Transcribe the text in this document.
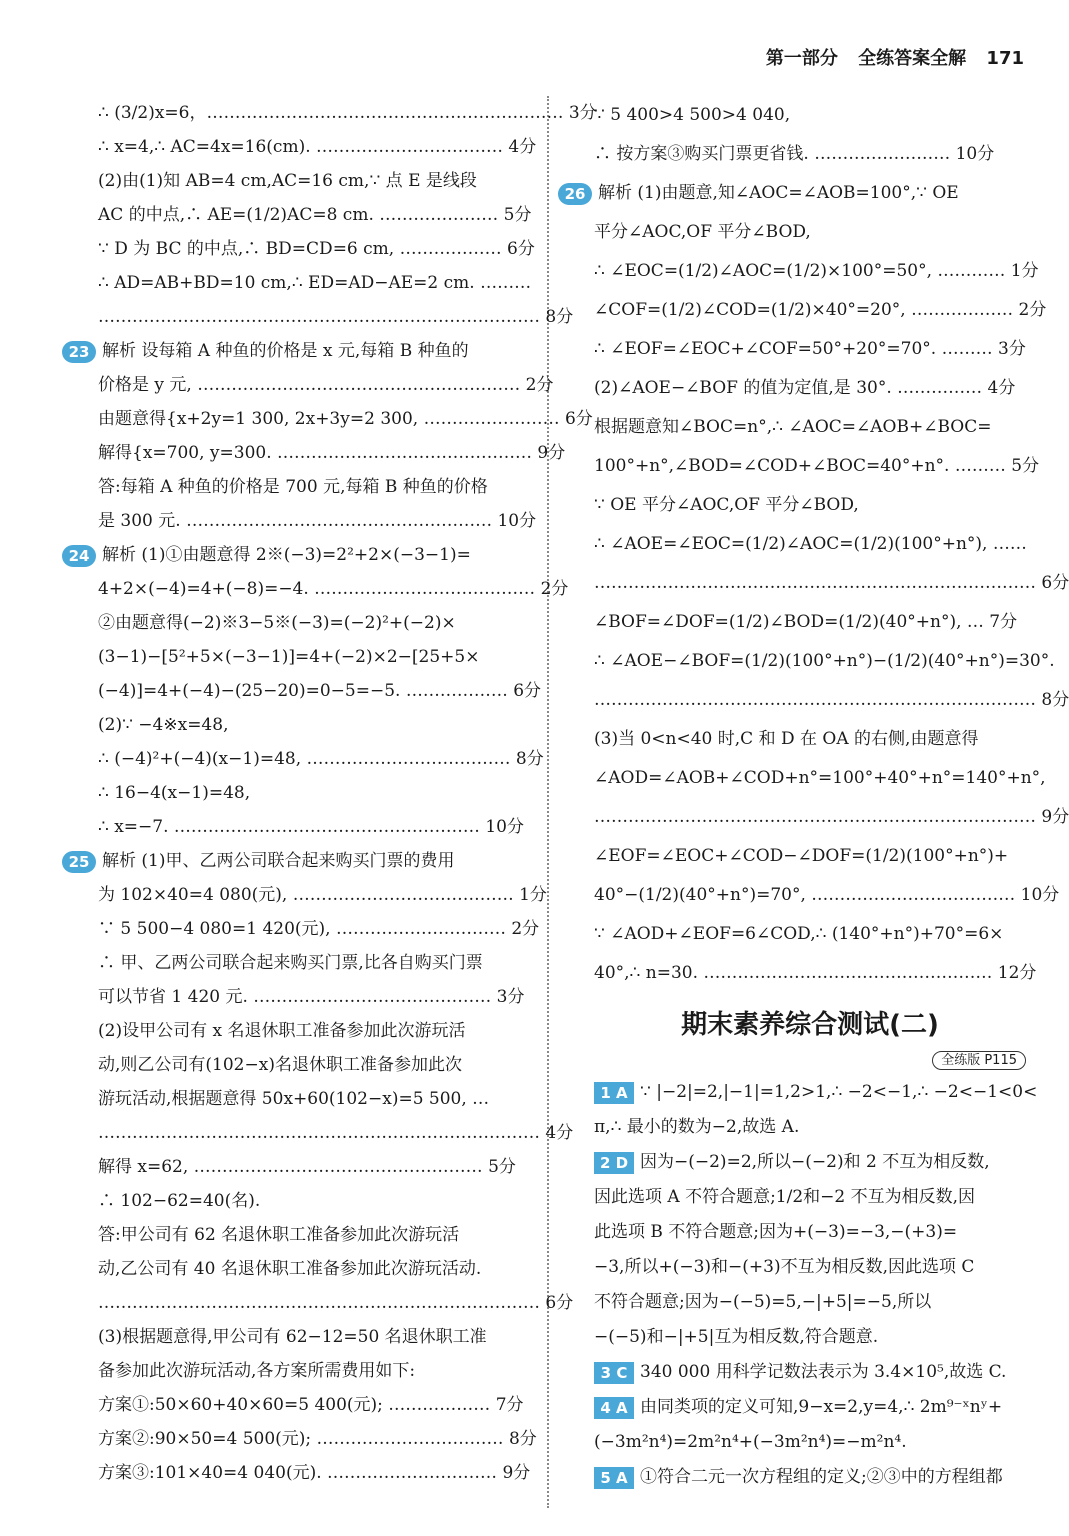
第一部分 全练答案全解 171
∴ (3/2)x=6，……………………………………………………… 3分
∴ x=4,∴ AC=4x=16(cm). …………………………… 4分
(2)由(1)知 AB=4 cm,AC=16 cm,∵ 点 E 是线段
AC 的中点,∴ AE=(1/2)AC=8 cm. ………………… 5分
∵ D 为 BC 的中点,∴ BD=CD=6 cm, ……………… 6分
∴ AD=AB+BD=10 cm,∴ ED=AD−AE=2 cm. ………
…………………………………………………………………… 8分
23 解析 设每箱 A 种鱼的价格是 x 元,每箱 B 种鱼的
价格是 y 元, ………………………………………………… 2分
由题意得{x+2y=1 300, 2x+3y=2 300, …………………… 6分
解得{x=700, y=300. ……………………………………… 9分
答:每箱 A 种鱼的价格是 700 元,每箱 B 种鱼的价格
是 300 元. ……………………………………………… 10分
24 解析 (1)①由题意得 2※(−3)=2²+2×(−3−1)=
4+2×(−4)=4+(−8)=−4. ………………………………… 2分
②由题意得(−2)※3−5※(−3)=(−2)²+(−2)×
(3−1)−[5²+5×(−3−1)]=4+(−2)×2−[25+5×
(−4)]=4+(−4)−(25−20)=0−5=−5. ……………… 6分
(2)∵ −4※x=48,
∴ (−4)²+(−4)(x−1)=48, ……………………………… 8分
∴ 16−4(x−1)=48,
∴ x=−7. ……………………………………………… 10分
25 解析 (1)甲、乙两公司联合起来购买门票的费用
为 102×40=4 080(元), ………………………………… 1分
∵ 5 500−4 080=1 420(元), ………………………… 2分
∴ 甲、乙两公司联合起来购买门票,比各自购买门票
可以节省 1 420 元. …………………………………… 3分
(2)设甲公司有 x 名退休职工准备参加此次游玩活
动,则乙公司有(102−x)名退休职工准备参加此次
游玩活动,根据题意得 50x+60(102−x)=5 500, …
…………………………………………………………………… 4分
解得 x=62, …………………………………………… 5分
∴ 102−62=40(名).
答:甲公司有 62 名退休职工准备参加此次游玩活
动,乙公司有 40 名退休职工准备参加此次游玩活动.
…………………………………………………………………… 6分
(3)根据题意得,甲公司有 62−12=50 名退休职工准
备参加此次游玩活动,各方案所需费用如下:
方案①:50×60+40×60=5 400(元); ……………… 7分
方案②:90×50=4 500(元); …………………………… 8分
方案③:101×40=4 040(元). ………………………… 9分
∵ 5 400>4 500>4 040,
∴ 按方案③购买门票更省钱. …………………… 10分
26 解析 (1)由题意,知∠AOC=∠AOB=100°,∵ OE
平分∠AOC,OF 平分∠BOD,
∴ ∠EOC=(1/2)∠AOC=(1/2)×100°=50°, ………… 1分
∠COF=(1/2)∠COD=(1/2)×40°=20°, ……………… 2分
∴ ∠EOF=∠EOC+∠COF=50°+20°=70°. ……… 3分
(2)∠AOE−∠BOF 的值为定值,是 30°. …………… 4分
根据题意知∠BOC=n°,∴ ∠AOC=∠AOB+∠BOC=
100°+n°,∠BOD=∠COD+∠BOC=40°+n°. ……… 5分
∵ OE 平分∠AOC,OF 平分∠BOD,
∴ ∠AOE=∠EOC=(1/2)∠AOC=(1/2)(100°+n°), ……
…………………………………………………………………… 6分
∠BOF=∠DOF=(1/2)∠BOD=(1/2)(40°+n°), … 7分
∴ ∠AOE−∠BOF=(1/2)(100°+n°)−(1/2)(40°+n°)=30°.
…………………………………………………………………… 8分
(3)当 0<n<40 时,C 和 D 在 OA 的右侧,由题意得
∠AOD=∠AOB+∠COD+n°=100°+40°+n°=140°+n°,
…………………………………………………………………… 9分
∠EOF=∠EOC+∠COD−∠DOF=(1/2)(100°+n°)+
40°−(1/2)(40°+n°)=70°, ……………………………… 10分
∵ ∠AOD+∠EOF=6∠COD,∴ (140°+n°)+70°=6×
40°,∴ n=30. …………………………………………… 12分
期末素养综合测试(二)
全练版 P115
1 A ∵ |−2|=2,|−1|=1,2>1,∴ −2<−1,∴ −2<−1<0<
π,∴ 最小的数为−2,故选 A.
2 D 因为−(−2)=2,所以−(−2)和 2 不互为相反数,
因此选项 A 不符合题意;1/2和−2 不互为相反数,因
此选项 B 不符合题意;因为+(−3)=−3,−(+3)=
−3,所以+(−3)和−(+3)不互为相反数,因此选项 C
不符合题意;因为−(−5)=5,−|+5|=−5,所以
−(−5)和−|+5|互为相反数,符合题意.
3 C 340 000 用科学记数法表示为 3.4×10⁵,故选 C.
4 A 由同类项的定义可知,9−x=2,y=4,∴ 2m⁹⁻ˣnʸ+
(−3m²n⁴)=2m²n⁴+(−3m²n⁴)=−m²n⁴.
5 A ①符合二元一次方程组的定义;②③中的方程组都
